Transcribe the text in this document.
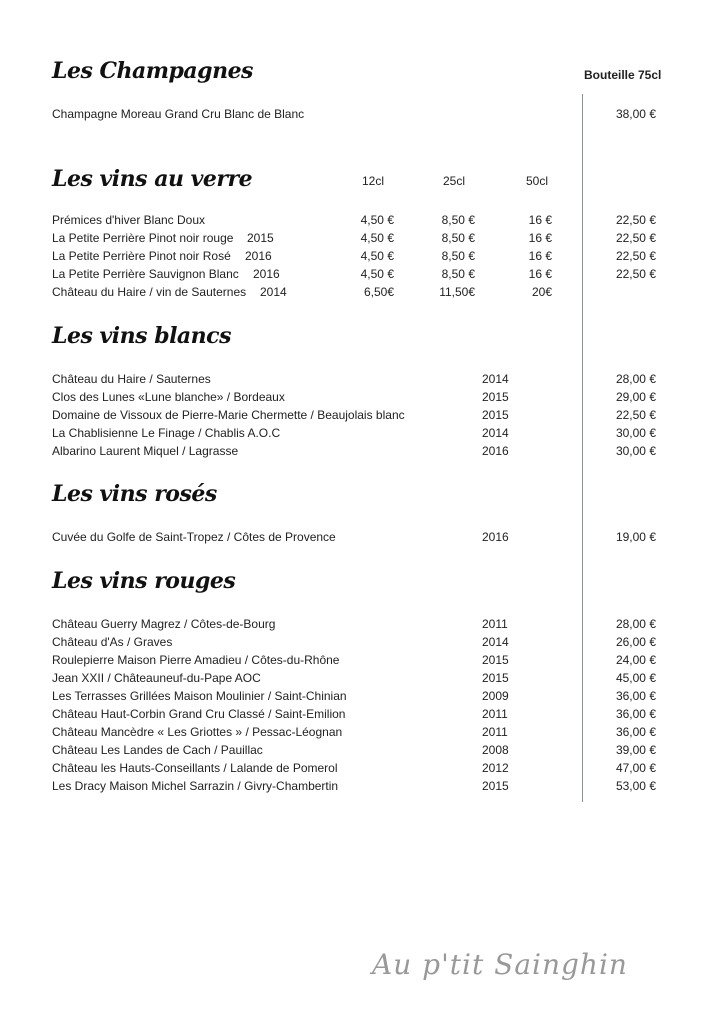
Les Champagnes	Bouteille 75cl
Champagne Moreau Grand Cru Blanc de Blanc	38,00 €
Les vins au verre	12cl	25cl	50cl
Prémices d'hiver Blanc Doux	4,50 €	8,50 €	16 €	22,50 €
La Petite Perrière Pinot noir rouge 2015	4,50 €	8,50 €	16 €	22,50 €
La Petite Perrière Pinot noir Rosé 2016	4,50 €	8,50 €	16 €	22,50 €
La Petite Perrière Sauvignon Blanc 2016	4,50 €	8,50 €	16 €	22,50 €
Château du Haire / vin de Sauternes 2014	6,50€	11,50€	20€
Les vins blancs
Château du Haire / Sauternes	2014	28,00 €
Clos des Lunes «Lune blanche» / Bordeaux	2015	29,00 €
Domaine de Vissoux de Pierre-Marie Chermette / Beaujolais blanc	2015	22,50 €
La Chablisienne Le Finage / Chablis A.O.C	2014	30,00 €
Albarino Laurent Miquel / Lagrasse	2016	30,00 €
Les vins rosés
Cuvée du Golfe de Saint-Tropez / Côtes de Provence	2016	19,00 €
Les vins rouges
Château Guerry Magrez / Côtes-de-Bourg	2011	28,00 €
Château d'As / Graves	2014	26,00 €
Roulepierre Maison Pierre Amadieu / Côtes-du-Rhône	2015	24,00 €
Jean XXII / Châteauneuf-du-Pape AOC	2015	45,00 €
Les Terrasses Grillées Maison Moulinier / Saint-Chinian	2009	36,00 €
Château Haut-Corbin Grand Cru Classé / Saint-Emilion	2011	36,00 €
Château Mancèdre « Les Griottes » / Pessac-Léognan	2011	36,00 €
Château Les Landes de Cach / Pauillac	2008	39,00 €
Château les Hauts-Conseillants / Lalande de Pomerol	2012	47,00 €
Les Dracy Maison Michel Sarrazin / Givry-Chambertin	2015	53,00 €
Au p'tit Sainghin
